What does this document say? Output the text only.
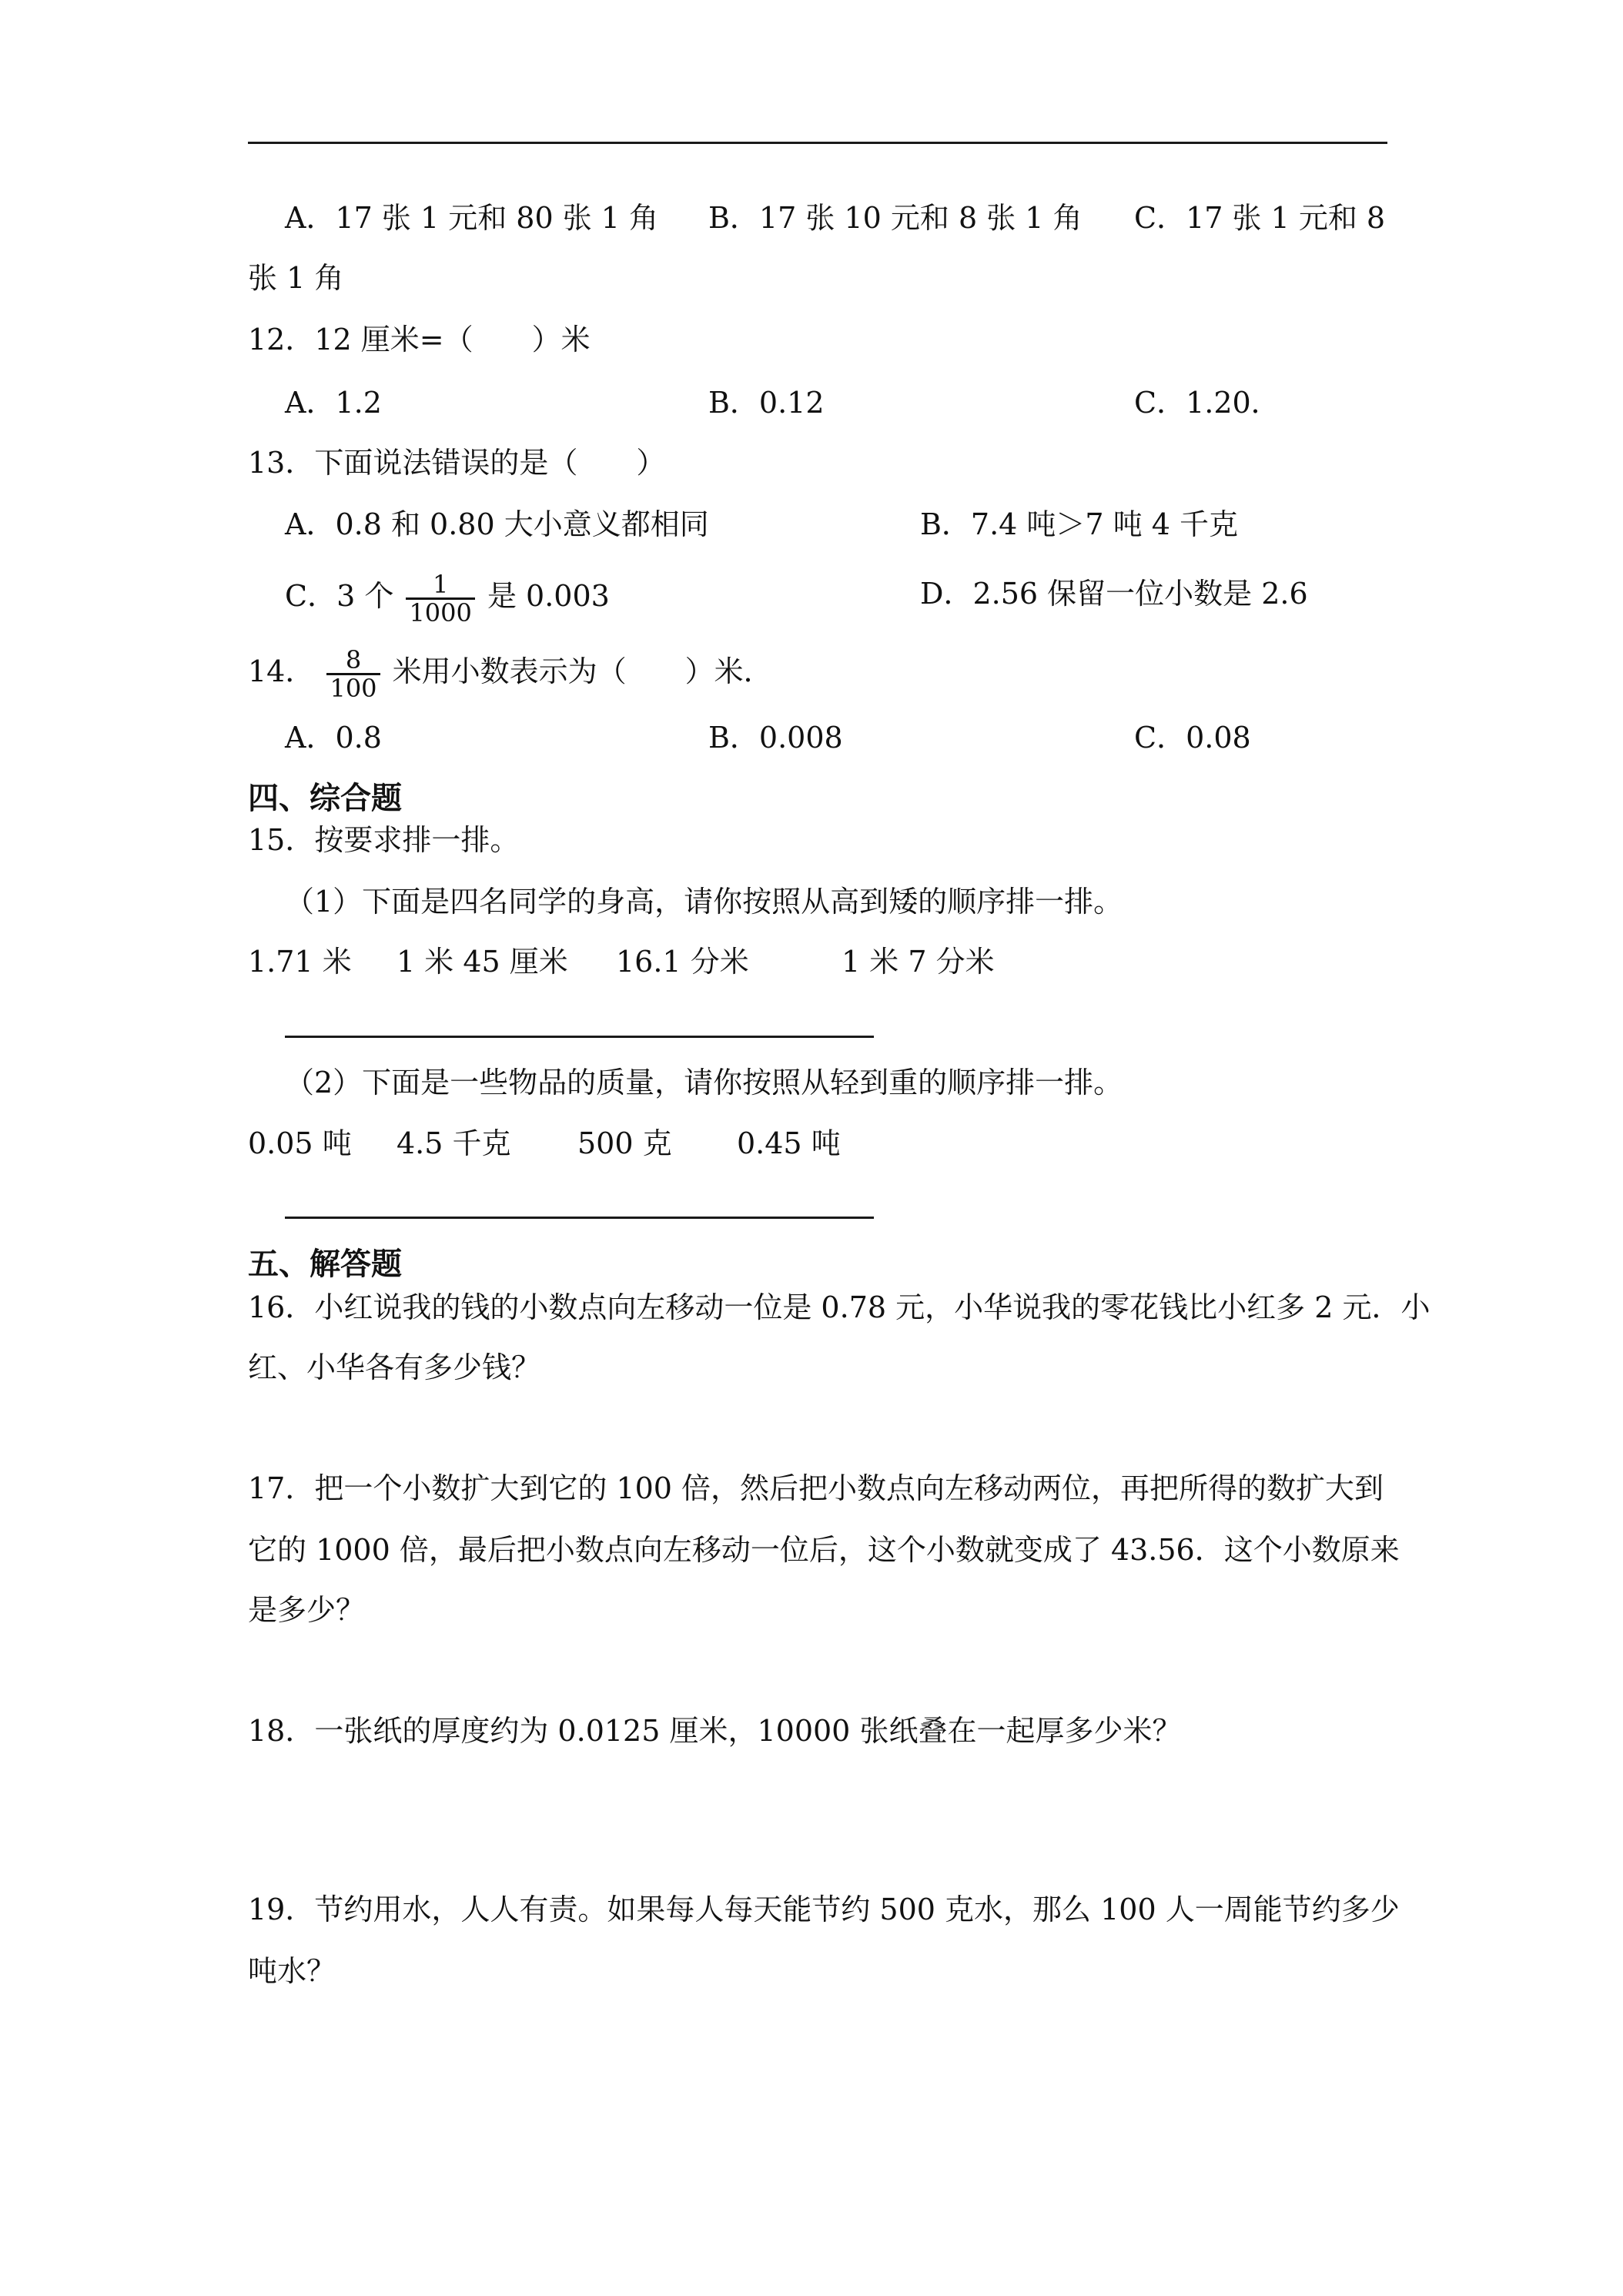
A．17 张 1 元和 80 张 1 角 B．17 张 10 元和 8 张 1 角 C．17 张 1 元和 8
张 1 角
12．12 厘米=（　　）米
A．1.2	B．0.12	C．1.20．
13．下面说法错误的是（　　）
A．0.8 和 0.80 大小意义都相同	B．7.4 吨＞7 吨 4 千克
C．3 个 $\frac{1}{1000}$ 是 0.003	D．2.56 保留一位小数是 2.6
14． $\frac{8}{100}$ 米用小数表示为（　　）米．
A．0.8	B．0.008	C．0.08
四、综合题
15．按要求排一排。
（1）下面是四名同学的身高，请你按照从高到矮的顺序排一排。
1.71 米 1 米 45 厘米 16.1 分米	1 米 7 分米
（2）下面是一些物品的质量，请你按照从轻到重的顺序排一排。
0.05 吨 4.5 千克 500 克 0.45 吨
五、解答题
16．小红说我的钱的小数点向左移动一位是 0.78 元，小华说我的零花钱比小红多 2 元．小
红、小华各有多少钱？
17．把一个小数扩大到它的 100 倍，然后把小数点向左移动两位，再把所得的数扩大到
它的 1000 倍，最后把小数点向左移动一位后，这个小数就变成了 43.56．这个小数原来
是多少？
18．一张纸的厚度约为 0.0125 厘米，10000 张纸叠在一起厚多少米？
19．节约用水，人人有责。如果每人每天能节约 500 克水，那么 100 人一周能节约多少
吨水？
